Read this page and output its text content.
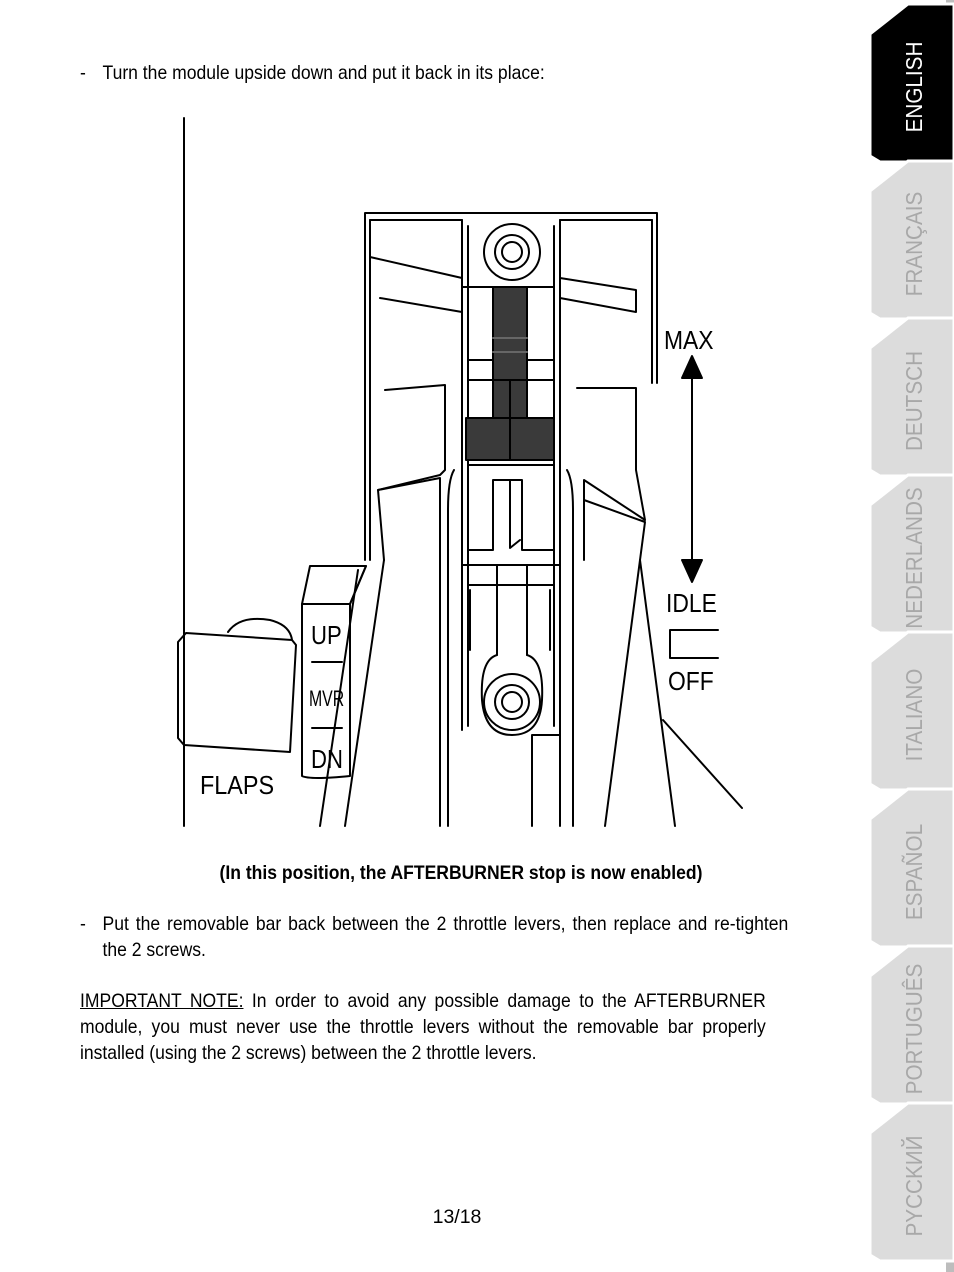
- Turn the module upside down and put it back in its place:
MAX
IDLE
OFF
UP
MVR
DN
FLAPS
(In this position, the AFTERBURNER stop is now enabled)
- Put the removable bar back between the 2 throttle levers, then replace and re-tighten the 2 screws.
IMPORTANT NOTE: In order to avoid any possible damage to the AFTERBURNER module, you must never use the throttle levers without the removable bar properly installed (using the 2 screws) between the 2 throttle levers.
13/18
ENGLISH
FRANÇAIS
DEUTSCH
NEDERLANDS
ITALIANO
ESPAÑOL
PORTUGUÊS
PYCCKИЙ
